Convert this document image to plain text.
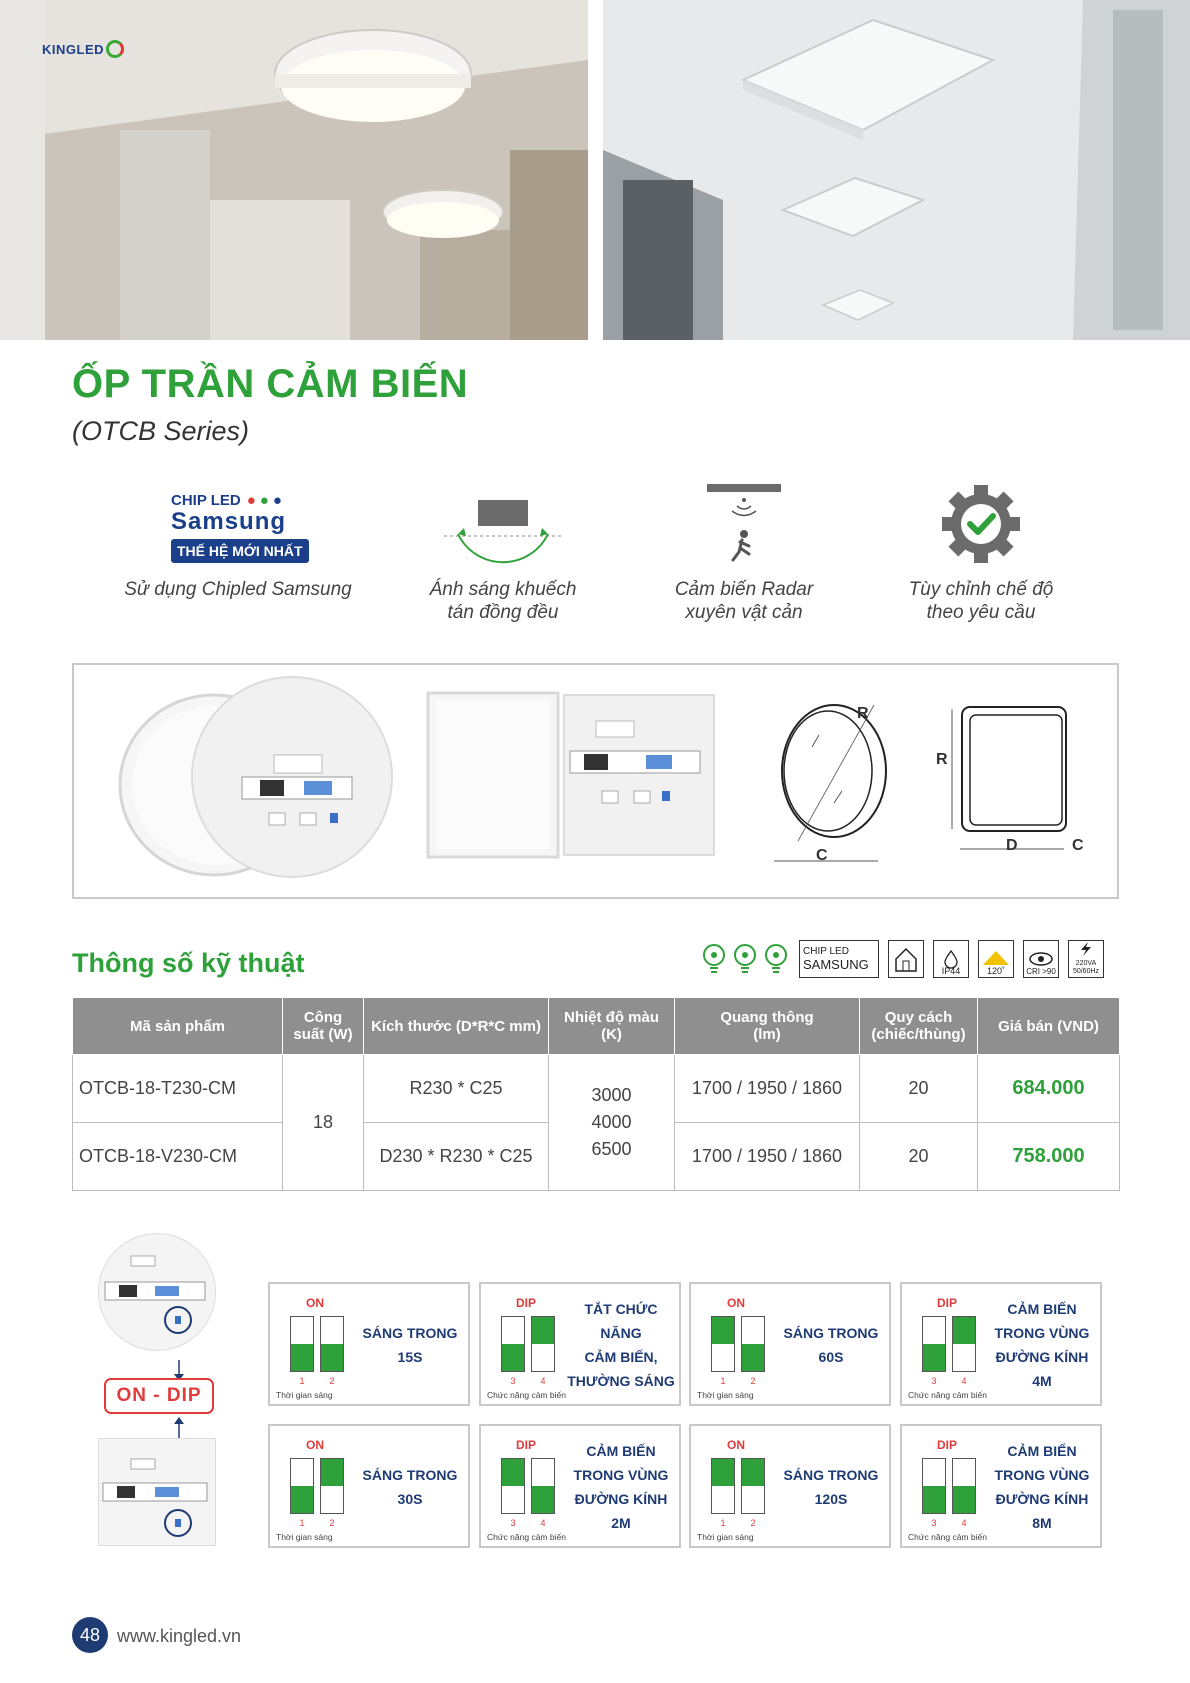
KINGLED
ỐP TRẦN CẢM BIẾN
(OTCB Series)
CHIP LED ●●●
Samsung
THẾ HỆ MỚI NHẤT
Sử dụng Chipled Samsung	Ánh sáng khuếch
tán đồng đều
Cảm biến Radar
xuyên vật cản
Tùy chỉnh chế độ
theo yêu cầu
R
C
R
D	C
Thông số kỹ thuật	CHIP LED
SAMSUNG	IP44	120˚	CRI >90
220VA
50/60Hz
Mã sản phẩm	Công
suất (W)	Kích thước (D*R*C mm)	Nhiệt độ màu
(K)	Quang thông
(lm)	Quy cách
(chiếc/thùng)	Giá bán (VND)
OTCB-18-T230-CM	18	R230 * C25	3000
4000
6500	1700 / 1950 / 1860	20	684.000
OTCB-18-V230-CM		D230 * R230 * C25		1700 / 1950 / 1860	20	758.000
ON - DIP
ON
1	2
Thời gian sáng
SÁNG TRONG
15S
DIP
3	4
Chức năng cảm biến
TẮT CHỨC NĂNG
CẢM BIẾN,
THƯỜNG SÁNG
ON
1	2
Thời gian sáng
SÁNG TRONG
60S
DIP
3	4
Chức năng cảm biến
CẢM BIẾN
TRONG VÙNG
ĐƯỜNG KÍNH
4M
ON
1	2
Thời gian sáng
SÁNG TRONG
30S
DIP
3	4
Chức năng cảm biến
CẢM BIẾN
TRONG VÙNG
ĐƯỜNG KÍNH
2M
ON
1	2
Thời gian sáng
SÁNG TRONG
120S
DIP
3	4
Chức năng cảm biến
CẢM BIẾN
TRONG VÙNG
ĐƯỜNG KÍNH
8M
48 www.kingled.vn
